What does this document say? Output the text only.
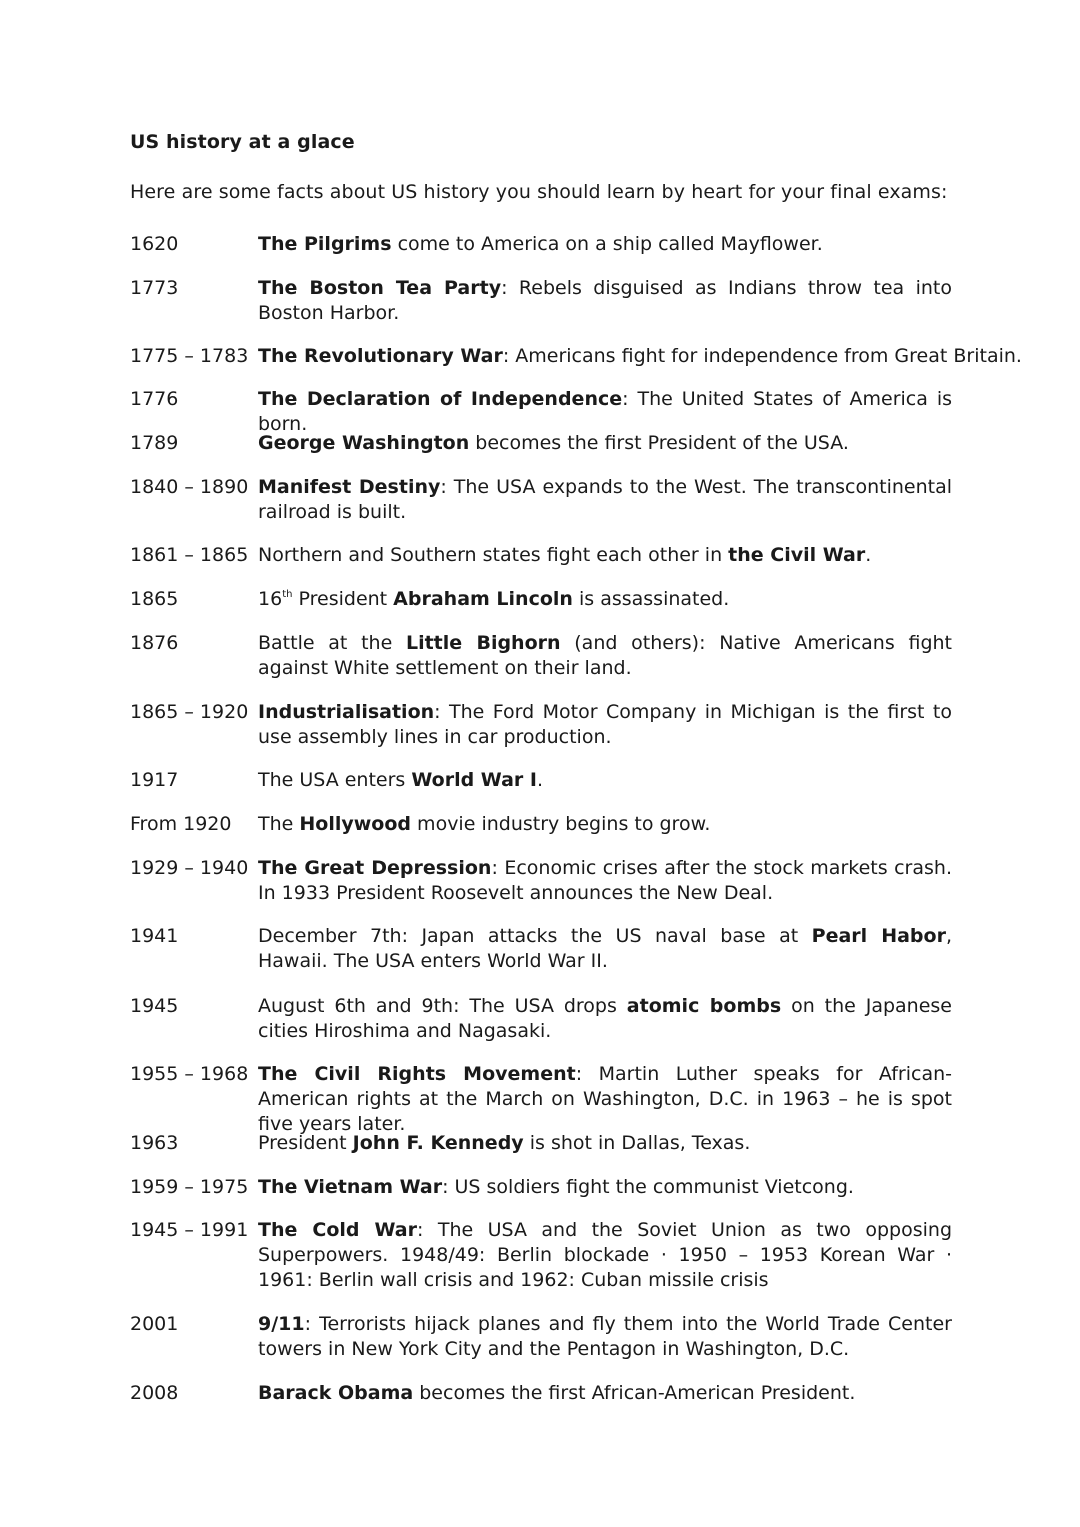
US history at a glace
Here are some facts about US history you should learn by heart for your final exams:
1620	The Pilgrims come to America on a ship called Mayflower.
1773	The Boston Tea Party: Rebels disguised as Indians throw tea into Boston Harbor.
1775 – 1783 The Revolutionary War: Americans fight for independence from Great Britain.
1776	The Declaration of Independence: The United States of America is born.
1789	George Washington becomes the first President of the USA.
1840 – 1890 Manifest Destiny: The USA expands to the West. The transcontinental railroad is built.
1861 – 1865 Northern and Southern states fight each other in the Civil War.
1865	16th President Abraham Lincoln is assassinated.
1876	Battle at the Little Bighorn (and others): Native Americans fight against White settlement on their land.
1865 – 1920 Industrialisation: The Ford Motor Company in Michigan is the first to use assembly lines in car production.
1917	The USA enters World War I.
From 1920 The Hollywood movie industry begins to grow.
1929 – 1940 The Great Depression: Economic crises after the stock markets crash. In 1933 President Roosevelt announces the New Deal.
1941	December 7th: Japan attacks the US naval base at Pearl Habor, Hawaii. The USA enters World War II.
1945	August 6th and 9th: The USA drops atomic bombs on the Japanese cities Hiroshima and Nagasaki.
1955 – 1968 The Civil Rights Movement: Martin Luther speaks for African-American rights at the March on Washington, D.C. in 1963 – he is spot five years later.
1963	President John F. Kennedy is shot in Dallas, Texas.
1959 – 1975 The Vietnam War: US soldiers fight the communist Vietcong.
1945 – 1991 The Cold War: The USA and the Soviet Union as two opposing Superpowers. 1948/49: Berlin blockade · 1950 – 1953 Korean War · 1961: Berlin wall crisis and 1962: Cuban missile crisis
2001	9/11: Terrorists hijack planes and fly them into the World Trade Center towers in New York City and the Pentagon in Washington, D.C.
2008	Barack Obama becomes the first African-American President.
